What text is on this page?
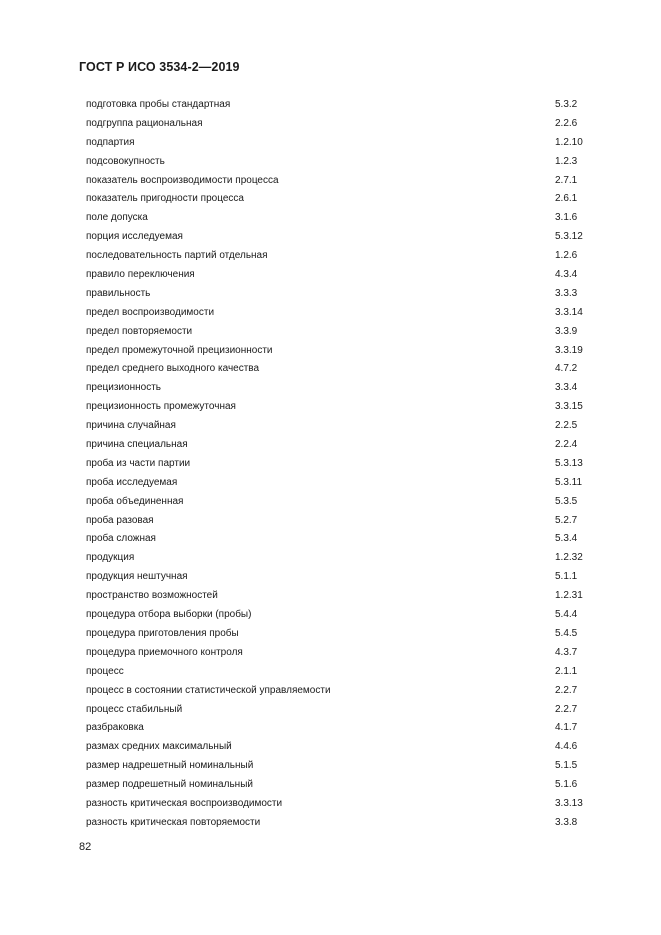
ГОСТ Р ИСО 3534-2—2019
подготовка пробы стандартная	5.3.2
подгруппа рациональная	2.2.6
подпартия	1.2.10
подсовокупность	1.2.3
показатель воспроизводимости процесса	2.7.1
показатель пригодности процесса	2.6.1
поле допуска	3.1.6
порция исследуемая	5.3.12
последовательность партий отдельная	1.2.6
правило переключения	4.3.4
правильность	3.3.3
предел воспроизводимости	3.3.14
предел повторяемости	3.3.9
предел промежуточной прецизионности	3.3.19
предел среднего выходного качества	4.7.2
прецизионность	3.3.4
прецизионность промежуточная	3.3.15
причина случайная	2.2.5
причина специальная	2.2.4
проба из части партии	5.3.13
проба исследуемая	5.3.11
проба объединенная	5.3.5
проба разовая	5.2.7
проба сложная	5.3.4
продукция	1.2.32
продукция нештучная	5.1.1
пространство возможностей	1.2.31
процедура отбора выборки (пробы)	5.4.4
процедура приготовления пробы	5.4.5
процедура приемочного контроля	4.3.7
процесс	2.1.1
процесс в состоянии статистической управляемости	2.2.7
процесс стабильный	2.2.7
разбраковка	4.1.7
размах средних максимальный	4.4.6
размер надрешетный номинальный	5.1.5
размер подрешетный номинальный	5.1.6
разность критическая воспроизводимости	3.3.13
разность критическая повторяемости	3.3.8
82
